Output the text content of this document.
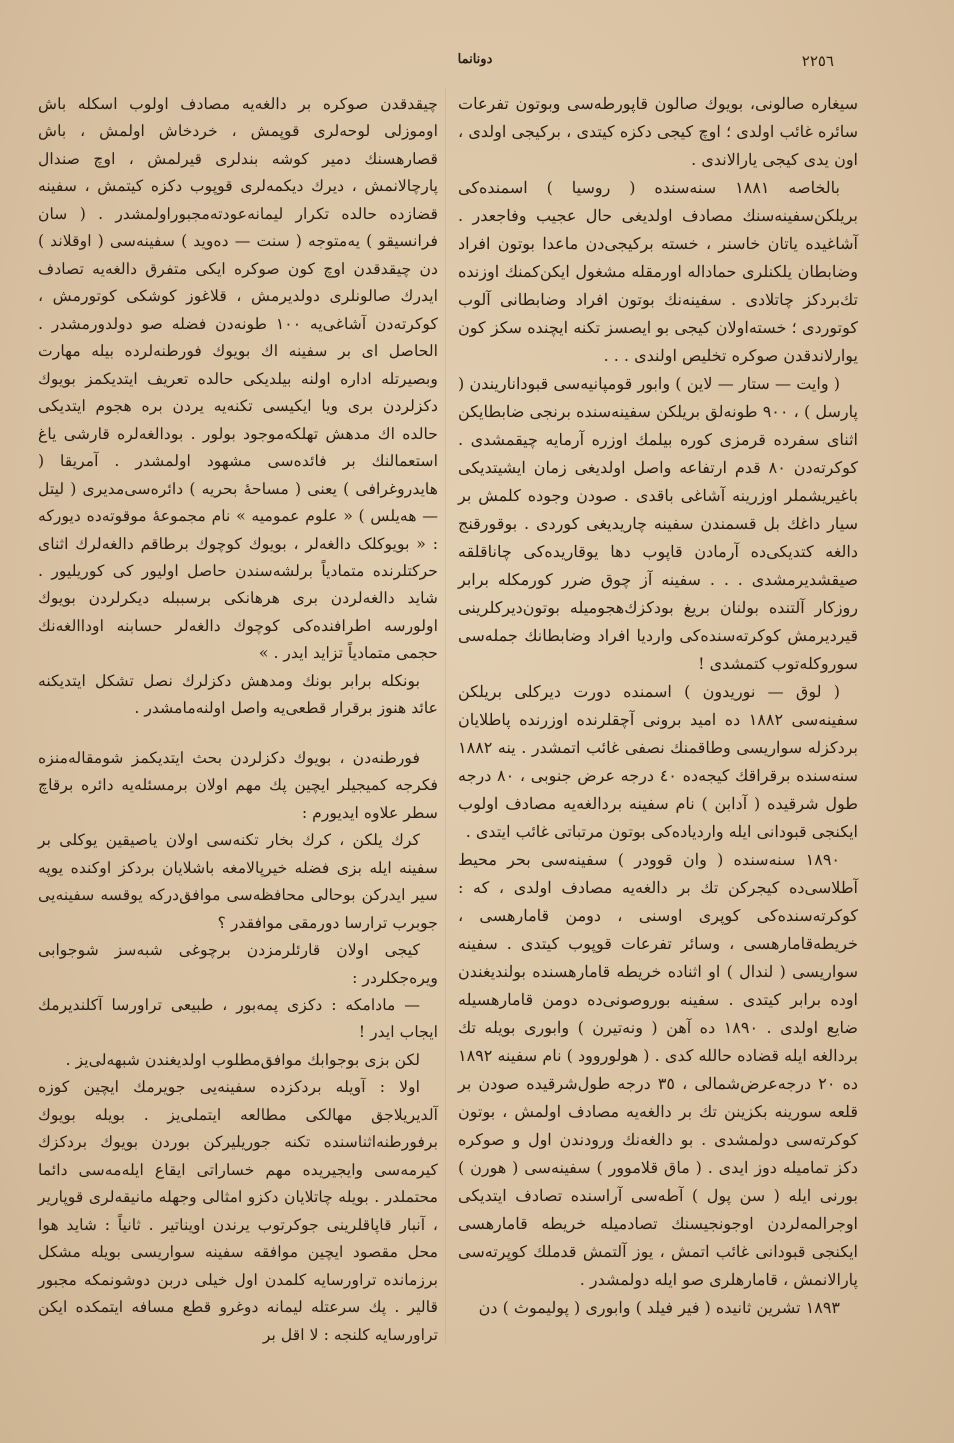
دونانما	٢٢٥٦

سیغاره صالونی، بویوك صالون قاپورطه‌سی وبوتون تفرعات سائره غائب اولدی ؛ اوچ کیجی دکزه کیتدی ، برکیجی اولدی ، اون یدی کیجی یارالاندی .

بالخاصه ١٨٨١ سنه‌سنده ( روسیا ) اسمنده‌کی بریلکن‌سفینه‌سنك مصادف اولدیغی حال عجیب وفاجعدر . آشاغیده یاتان خاسنر ، خسته برکیجی‌دن ماعدا بوتون افراد وضابطان یلکنلری حماداله اورمقله مشغول ایکن‌کمنك اوزنده تك‌بردکز چاتلادی . سفینه‌نك بوتون افراد وضابطانی آلوب کوتوردی ؛ خسته‌اولان کیجی بو ایصسز تکنه ایچنده سکز کون یوارلاندقدن صوکره تخلیص اولندی . . .

( وایت — ستار — لاین ) وابور قومپانیه‌سی قبوداناریندن ( پارسل ) ، ٩٠٠ طونه‌لق بریلکن سفینه‌سنده برنجی ضابطایکن اثنای سفرده قرمزی کوره بیلمك اوزره آرمایه چیقمشدی . کوکرته‌دن ٨٠ قدم ارتفاعه واصل اولدیغی زمان ایشیتدیکی باغیریشملر اوزرینه آشاغی باقدی . صودن وجوده کلمش بر سیار داغك بل قسمندن سفینه چاریدیغی کوردی . بوقورقنج دالغه کتدیکی‌ده آرمادن قاپوب دها یوقاریده‌کی چاناقلقه صیقشدیرمشدی . . . سفینه آز چوق ضرر کورمکله برابر روزکار آلتنده بولنان بریغ بودکزك‌هجومیله بوتون‌دیرکلرینی قیرد‌یرمش کوکرته‌سنده‌کی واردیا افراد وضابطانك جمله‌سی سوروکله‌توب کتمشدی !

( لوق — نوریدون ) اسمنده دورت دیرکلی بریلکن سفینه‌سی ١٨٨٢ ده امید برونی آچقلرنده اوزرنده پاطلایان بردکزله سواریسی وطاقمنك نصفی غائب اتمشدر . ینه ١٨٨٢ سنه‌سنده برقراقك کیجه‌ده ٤٠ درجه عرض جنوبی ، ٨٠ درجه طول شرقیده ( آدابن ) نام سفینه بردالغه‌یه مصادف اولوب ایکنجی قبودانی ایله واردیاده‌کی بوتون مرتباتی غائب ایتدی .

١٨٩٠ سنه‌سنده ( وان قوودر ) سفینه‌سی بحر محیط آطلاسی‌ده کیجرکن تك بر دالغه‌یه مصادف اولدی ، که : کوکرته‌سنده‌کی کوپری اوسنی ، دومن قامارهسی ، خریطه‌قامارهسی ، وسائر تفرعات قوپوب کیتدی . سفینه سواریسی ( لندال ) او اثناده خریطه قامارهسنده بولندیغندن اوده برابر کیتدی . سفینه بوروصونی‌ده دومن قامارهسیله ضایع اولدی . ١٨٩٠ ده آهن ( ونه‌تیرن ) وابوری بویله تك بردالغه ایله قضاده حالله کدی . ( هولوروود ) نام سفینه ١٨٩٢ ده ٢٠ درجه‌عرض‌شمالی ، ٣٥ درجه طول‌شرقیده صودن بر قلعه سورینه بکزینن تك بر دالغه‌یه مصادف اولمش ، بوتون کوکرته‌سی دولمشدی . بو دالغه‌نك ورودندن اول و صوکره دکز تمامیله دوز ایدی . ( ماق قلاموور ) سفینه‌سی ( هورن ) بورنی ایله ( سن پول ) آطه‌سی آراسنده تصادف ایتدیکی اوجرالمه‌لردن اوجونجیسنك تصادمیله خریطه قامارهسی ایکنجی قبودانی غائب اتمش ، یوز آلتمش قدملك کوپرته‌سی پارالانمش ، قامارهلری صو ایله دولمشدر .

١٨٩٣ تشرین ثانیده ( فیر فیلد ) وابوری ( پولیموث ) دن

چیقدقدن صوکره بر دالغه‌یه مصادف اولوب اسکله باش اوموزلی لوحه‌لری قوپمش ، خردخاش اولمش ، باش قصارهسنك دمیر کوشه بندلری قیرلمش ، اوچ صندال پارچالانمش ، دیرك دیکمه‌لری قوپوب دکزه کیتمش ، سفینه قضازده حالده تکرار لیمانه‌عودته‌مجبوراولمشدر . ( سان فرانسیقو ) یه‌متوجه ( سنت — ده‌وید ) سفینه‌سی ( اوقلاند ) دن چیقدقدن اوچ کون صوکره ایکی متفرق دالغه‌یه تصادف ایدرك صالونلری دولدیرمش ، قلاغوز کوشکی کوتورمش ، کوکرته‌دن آشاغی‌یه ١٠٠ طونه‌دن فضله صو دولدورمشدر . الحاصل ای بر سفینه اك بویوك فورطنه‌لرده بیله مهارت وبصیرتله اداره اولنه بیلدیکی حالده تعریف ایتدیکمز بویوك دکزلردن بری ویا ایکیسی تکنه‌یه یردن بره هجوم ایتدیکی حالده اك مدهش تهلکه‌موجود بولور . بودالغه‌لره قارشی یاغ استعمالنك بر فائده‌سی مشهود اولمشدر . آمریقا ( هایدروغرافی ) یعنی ( مساحهٔ بحریه ) دائره‌سی‌مدیری ( لیتل — هه‌یلس ) « علوم عمومیه » نام مجموعهٔ موقوته‌ده دیورکه : « بویوکلک دالغه‌لر ، بویوك کوچوك برطاقم دالغه‌لرك اثنای حرکتلرنده متمادیاً برلشه‌سندن حاصل اولیور کی کوریلیور . شاید دالغه‌لردن بری هرهانکی برسببله دیکرلردن بویوك اولورسه اطرافنده‌کی کوچوك دالغه‌لر حسابنه اوداالغه‌نك حجمی متمادیاً تزاید ایدر . »

بونکله برابر بونك ومدهش دکزلرك نصل تشکل ایتدیکنه عائد هنوز برقرار قطعی‌یه واصل اولنه‌مامشدر .

فورطنه‌دن ، بویوك دکزلردن بحث ایتدیکمز شومقاله‌منزه فکرجه کمیجیلر ایچین پك مهم اولان برمسئله‌یه دائره برقاچ سطر علاوه ایدیورم :

کرك یلکن ، کرك بخار تکنه‌سی اولان یاصیقین یوکلی بر سفینه ایله بزی فضله خیرپالامغه باشلایان بردکز اوکنده یوپه سیر ایدرکن بوحالی محافظه‌سی موافق‌درکه یوقسه سفینه‌یی جوبرب ترارسا دورمقی موافقدر ؟

کیجی اولان قارئلرمزدن برچوغی شبه‌سز شوجوابی ویره‌جکلردر :

— مادامکه : دکزی پمه‌بور ، طبیعی تراورسا آکلندیرمك ایجاب ایدر !

لکن بزی بوجوابك موافق‌مطلوب اولدیغندن شبهه‌لی‌یز .

اولا : آویله بردکزده سفینه‌یی جویرمك ایچین کوزه آلدیریلاجق مهالکی مطالعه ایتملی‌یز . بویله بویوك برفورطنه‌اثناسنده تکنه جوریلیرکن بوردن بویوك بردکزك کیرمه‌سی وایجیریده مهم خساراتی ایقاع ایله‌مه‌سی دائما محتملدر . بویله چاتلایان دکزو امثالی وجهله مانیقه‌لری قوپاریر ، آنبار قاپاقلرینی جوکرتوب یرندن اویناتیر . ثانیاً : شاید هوا محل مقصود ایچین موافقه سفینه سواریسی بویله مشکل برزمانده تراورسایه کلمدن اول خیلی دربن دوشونمکه مجبور قالیر . پك سرعتله لیمانه دوغرو قطع مسافه ایتمکده ایکن تراورسایه کلنجه : لا اقل بر
